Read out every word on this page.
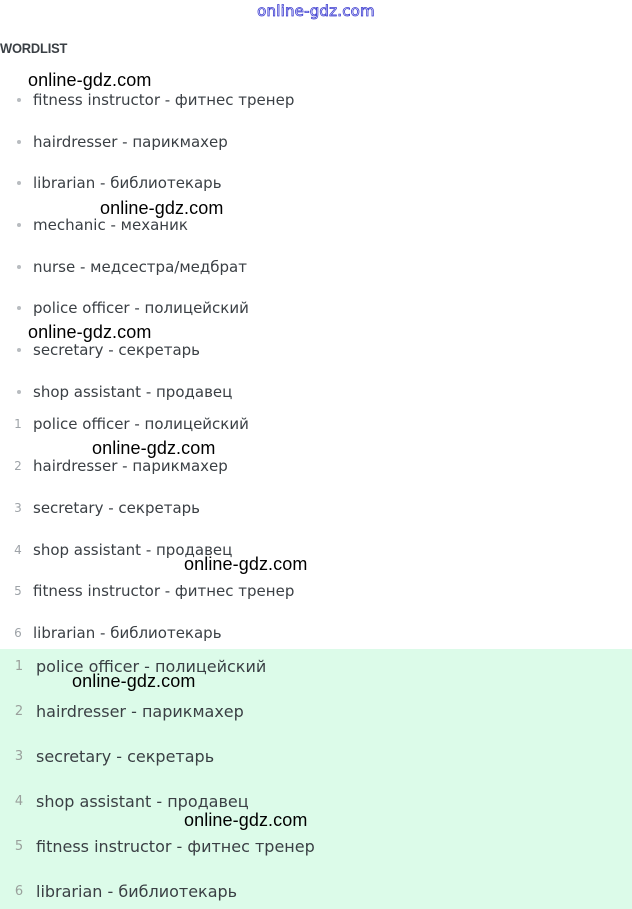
online-gdz.com
WORDLIST
fitness instructor - фитнес тренер
hairdresser - парикмахер
librarian - библиотекарь
mechanic - механик
nurse - медсестра/медбрат
police officer - полицейский
secretary - секретарь
shop assistant - продавец
1 police officer - полицейский
2 hairdresser - парикмахер
3 secretary - секретарь
4 shop assistant - продавец
5 fitness instructor - фитнес тренер
6 librarian - библиотекарь
1 police officer - полицейский
2 hairdresser - парикмахер
3 secretary - секретарь
4 shop assistant - продавец
5 fitness instructor - фитнес тренер
6 librarian - библиотекарь
online-gdz.com
online-gdz.com
online-gdz.com
online-gdz.com
online-gdz.com
online-gdz.com
online-gdz.com
